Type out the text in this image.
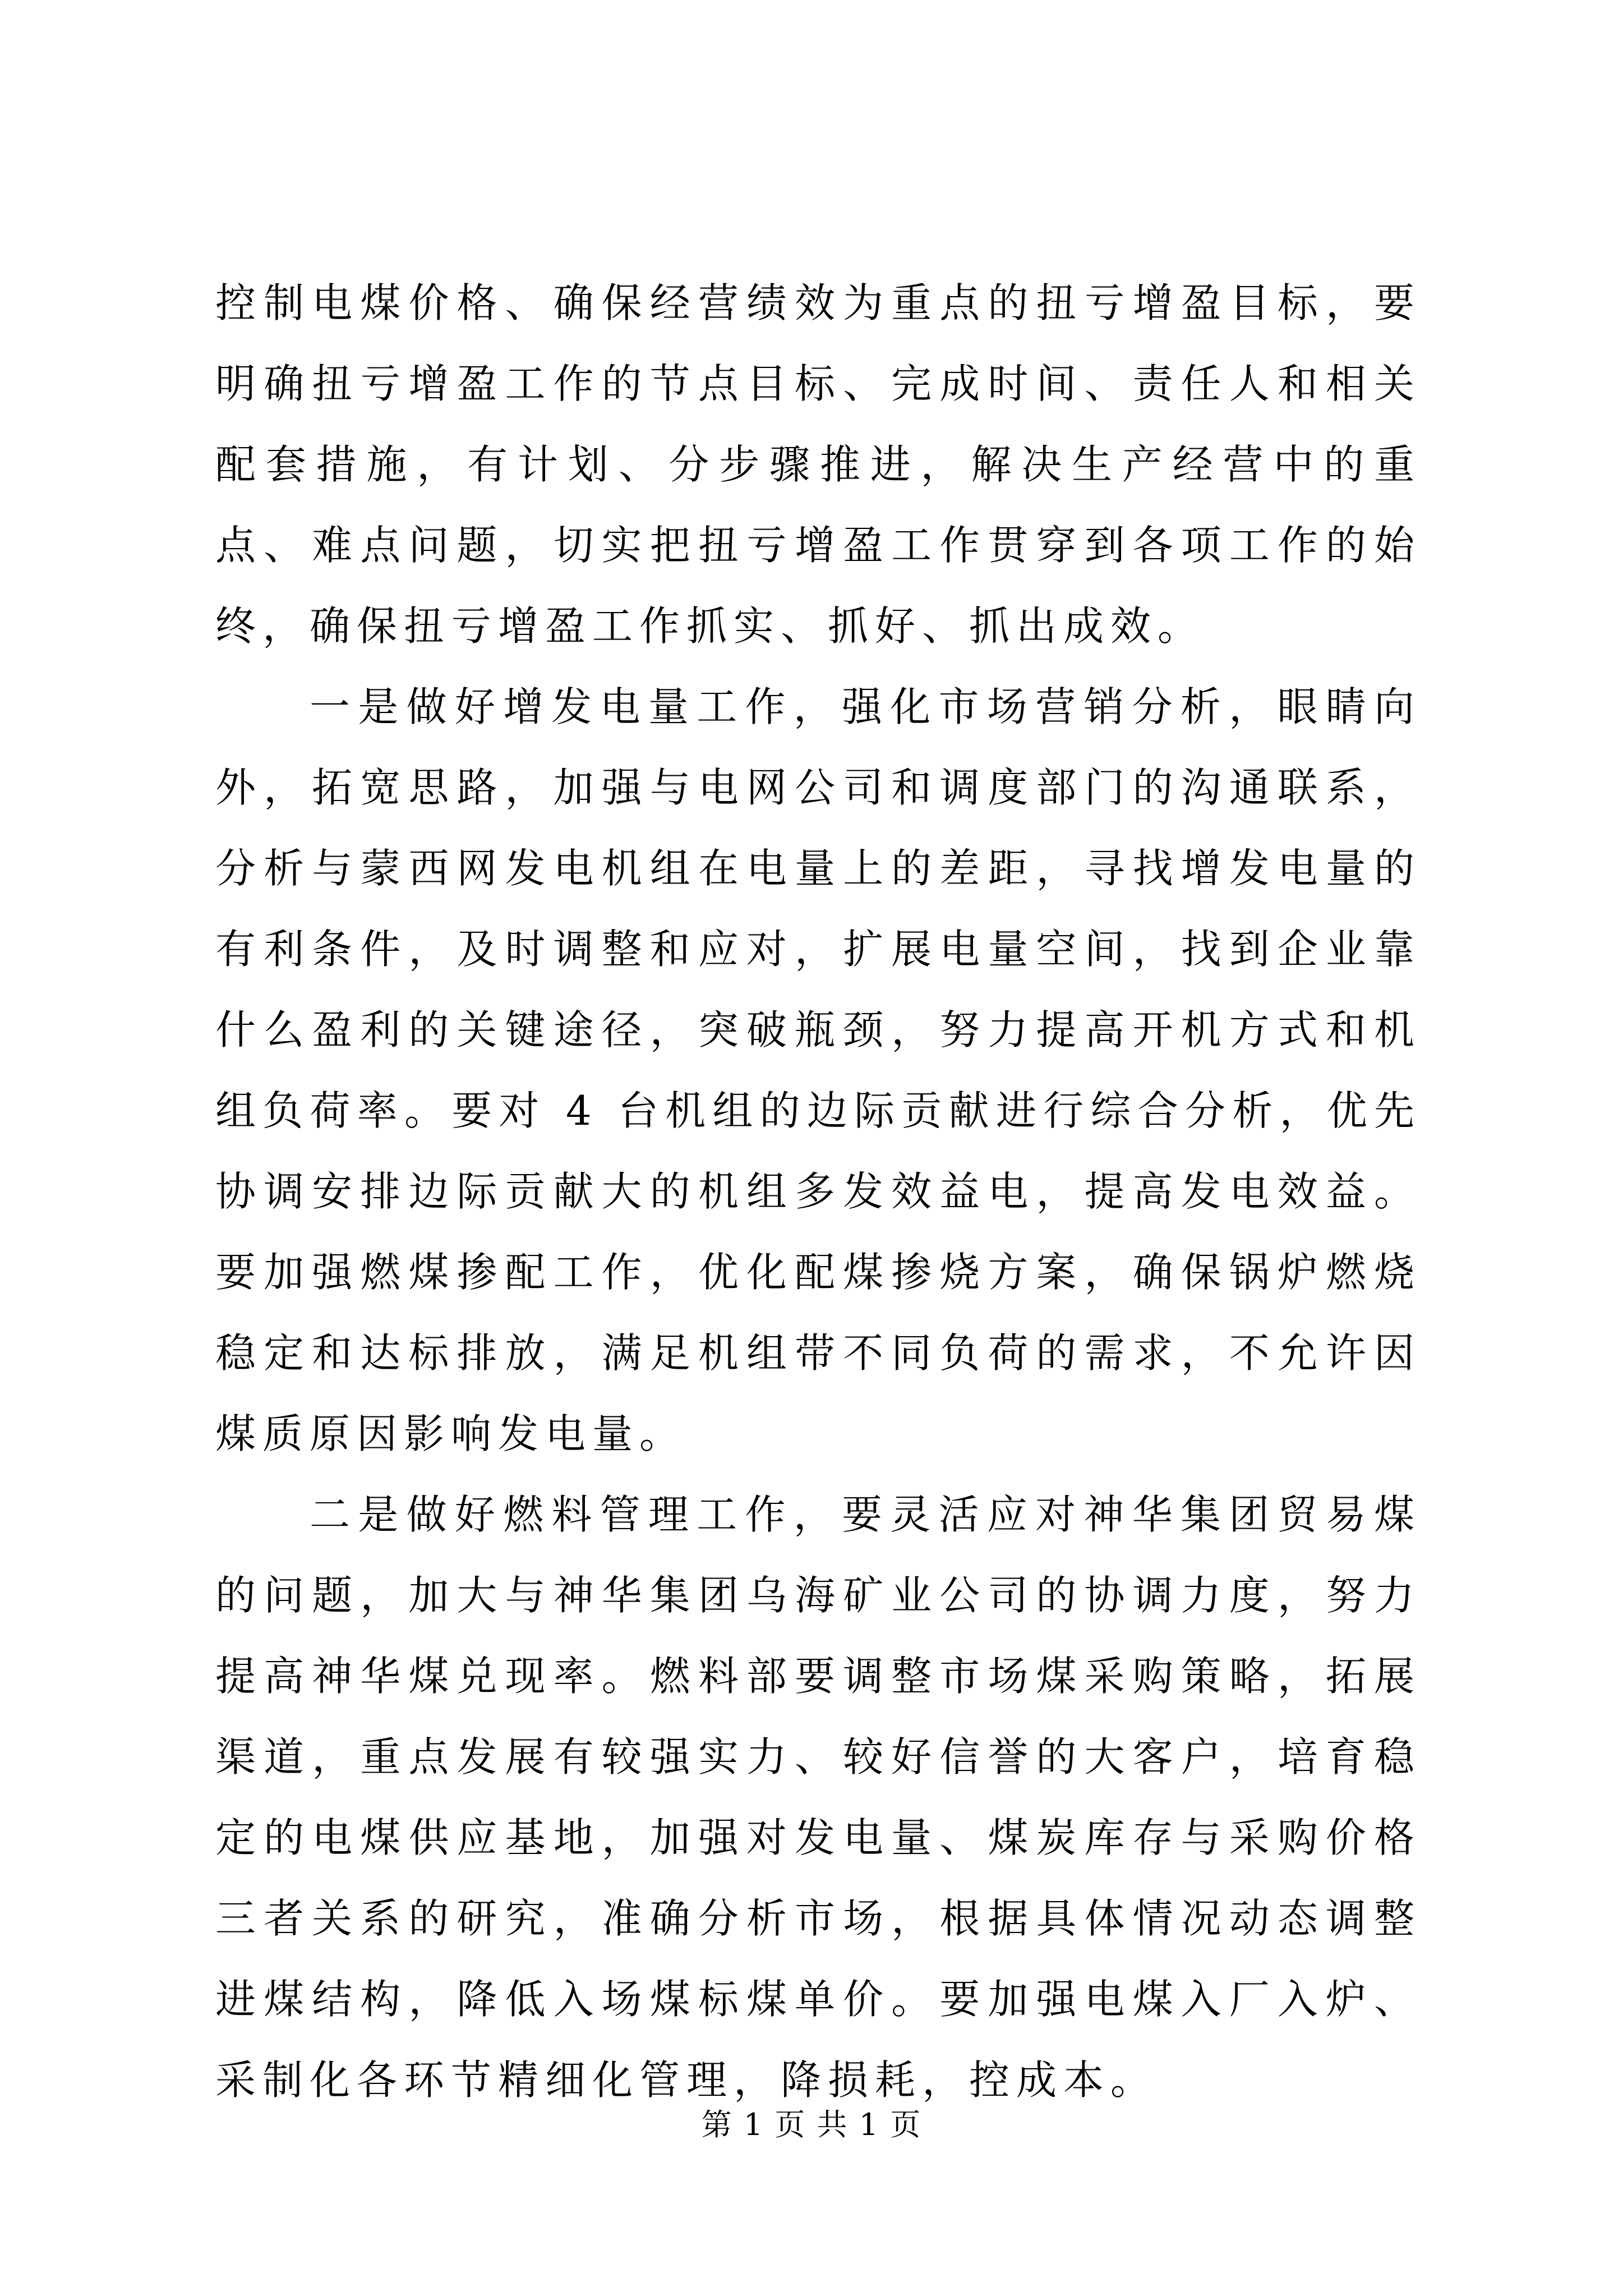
控制电煤价格、确保经营绩效为重点的扭亏增盈目标，要明确扭亏增盈工作的节点目标、完成时间、责任人和相关配套措施，有计划、分步骤推进，解决生产经营中的重点、难点问题，切实把扭亏增盈工作贯穿到各项工作的始终，确保扭亏增盈工作抓实、抓好、抓出成效。

一是做好增发电量工作，强化市场营销分析，眼睛向外，拓宽思路，加强与电网公司和调度部门的沟通联系，分析与蒙西网发电机组在电量上的差距，寻找增发电量的有利条件，及时调整和应对，扩展电量空间，找到企业靠什么盈利的关键途径，突破瓶颈，努力提高开机方式和机组负荷率。要对 4 台机组的边际贡献进行综合分析，优先协调安排边际贡献大的机组多发效益电，提高发电效益。要加强燃煤掺配工作，优化配煤掺烧方案，确保锅炉燃烧稳定和达标排放，满足机组带不同负荷的需求，不允许因煤质原因影响发电量。

二是做好燃料管理工作，要灵活应对神华集团贸易煤的问题，加大与神华集团乌海矿业公司的协调力度，努力提高神华煤兑现率。燃料部要调整市场煤采购策略，拓展渠道，重点发展有较强实力、较好信誉的大客户，培育稳定的电煤供应基地，加强对发电量、煤炭库存与采购价格三者关系的研究，准确分析市场，根据具体情况动态调整进煤结构，降低入场煤标煤单价。要加强电煤入厂入炉、采制化各环节精细化管理，降损耗，控成本。

第 1 页 共 1 页
